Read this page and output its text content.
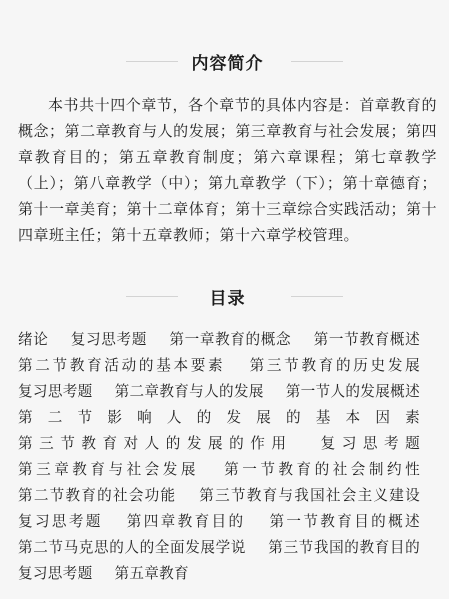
内容简介

本书共十四个章节，各个章节的具体内容是：首章教育的概念；第二章教育与人的发展；第三章教育与社会发展；第四章教育目的；第五章教育制度；第六章课程；第七章教学（上）；第八章教学（中）；第九章教学（下）；第十章德育；第十一章美育；第十二章体育；第十三章综合实践活动；第十四章班主任；第十五章教师；第十六章学校管理。

目录
绪论 复习思考题 第一章教育的概念 第一节教育概述 第二节教育活动的基本要素 第三节教育的历史发展 复习思考题 第二章教育与人的发展 第一节人的发展概述 第二节影响人的发展的基本因素 第三节教育对人的发展的作用 复习思考题 第三章教育与社会发展 第一节教育的社会制约性 第二节教育的社会功能 第三节教育与我国社会主义建设 复习思考题 第四章教育目的 第一节教育目的概述 第二节马克思的人的全面发展学说 第三节我国的教育目的 复习思考题 第五章教育
